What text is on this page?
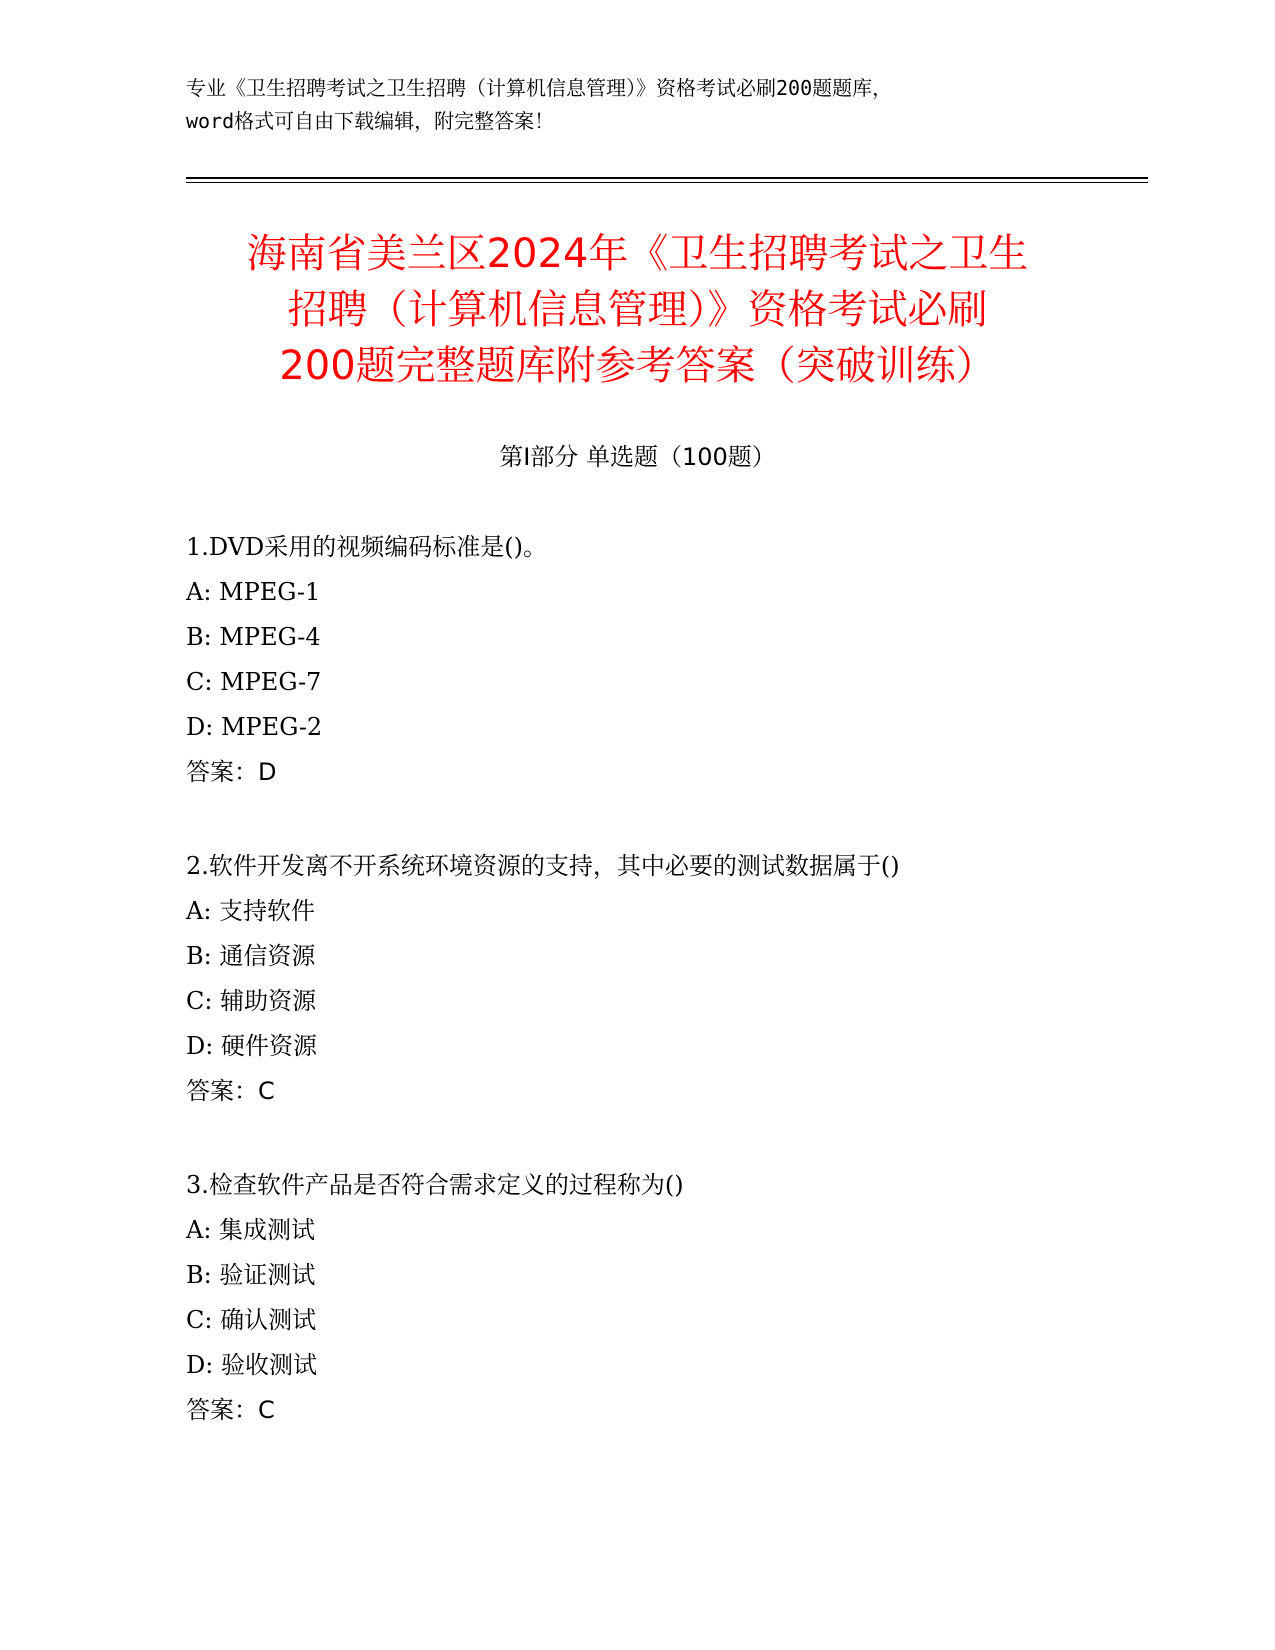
专业《卫生招聘考试之卫生招聘（计算机信息管理）》资格考试必刷200题题库，
word格式可自由下载编辑，附完整答案！
海南省美兰区2024年《卫生招聘考试之卫生
招聘（计算机信息管理）》资格考试必刷
200题完整题库附参考答案（突破训练）
第Ⅰ部分 单选题（100题）
1.DVD采用的视频编码标准是()。
A: MPEG-1
B: MPEG-4
C: MPEG-7
D: MPEG-2
答案：D
2.软件开发离不开系统环境资源的支持，其中必要的测试数据属于()
A: 支持软件
B: 通信资源
C: 辅助资源
D: 硬件资源
答案：C
3.检查软件产品是否符合需求定义的过程称为()
A: 集成测试
B: 验证测试
C: 确认测试
D: 验收测试
答案：C
